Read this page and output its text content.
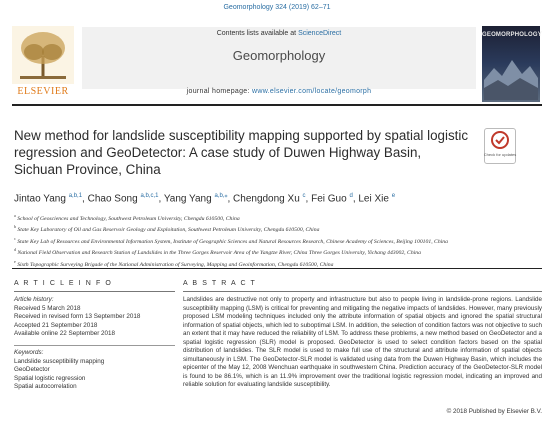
Geomorphology 324 (2019) 62–71
Contents lists available at ScienceDirect
Geomorphology
journal homepage: www.elsevier.com/locate/geomorph
ELSEVIER
GEOMORPHOLOGY
New method for landslide susceptibility mapping supported by spatial logistic regression and GeoDetector: A case study of Duwen Highway Basin, Sichuan Province, China
Check for updates
Jintao Yang $^{a,b,1}$, Chao Song $^{a,b,c,1}$, Yang Yang $^{a,b,⁎}$, Chengdong Xu $^c$, Fei Guo $^d$, Lei Xie $^e$
$^a$ School of Geosciences and Technology, Southwest Petroleum University, Chengdu 610500, China
$^b$ State Key Laboratory of Oil and Gas Reservoir Geology and Exploitation, Southwest Petroleum University, Chengdu 610500, China
$^c$ State Key Lab of Resources and Environmental Information System, Institute of Geographic Sciences and Natural Resources Research, Chinese Academy of Sciences, Beijing 100101, China
$^d$ National Field Observation and Research Station of Landslides in the Three Gorges Reservoir Area of the Yangtze River, China Three Gorges University, Yichang 443002, China
$^e$ Sixth Topographic Surveying Brigade of the National Administration of Surveying, Mapping and Geoinformation, Chengdu 610500, China
A R T I C L E I N F O	A B S T R A C T
Article history:
Received 5 March 2018
Received in revised form 13 September 2018
Accepted 21 September 2018
Available online 22 September 2018
Keywords:
Landslide susceptibility mapping
GeoDetector
Spatial logistic regression
Spatial autocorrelation
Landslides are destructive not only to property and infrastructure but also to people living in landslide-prone regions. Landslide susceptibility mapping (LSM) is critical for preventing and mitigating the negative impacts of landslides. However, many previously proposed LSM modeling techniques included only the attribute information of spatial objects and ignored the spatial structural information of spatial objects, which led to suboptimal LSM. In addition, the selection of condition factors was not objective to such an extent that it may have reduced the reliability of LSM. To address these problems, a new method based on GeoDetector and a spatial logistic regression (SLR) model is proposed. GeoDetector is used to select condition factors based on the spatial distribution of landslides. The SLR model is used to make full use of the structural and attribute information of spatial objects simultaneously in LSM. The GeoDetector-SLR model is validated using data from the Duwen Highway Basin, which includes the epicenter of the May 12, 2008 Wenchuan earthquake in southwestern China. Prediction accuracy of the GeoDetector-SLR model is found to be 86.1%, which is an 11.9% improvement over the traditional logistic regression model, indicating an improved and reliable solution for evaluating landslide susceptibility.
© 2018 Published by Elsevier B.V.
